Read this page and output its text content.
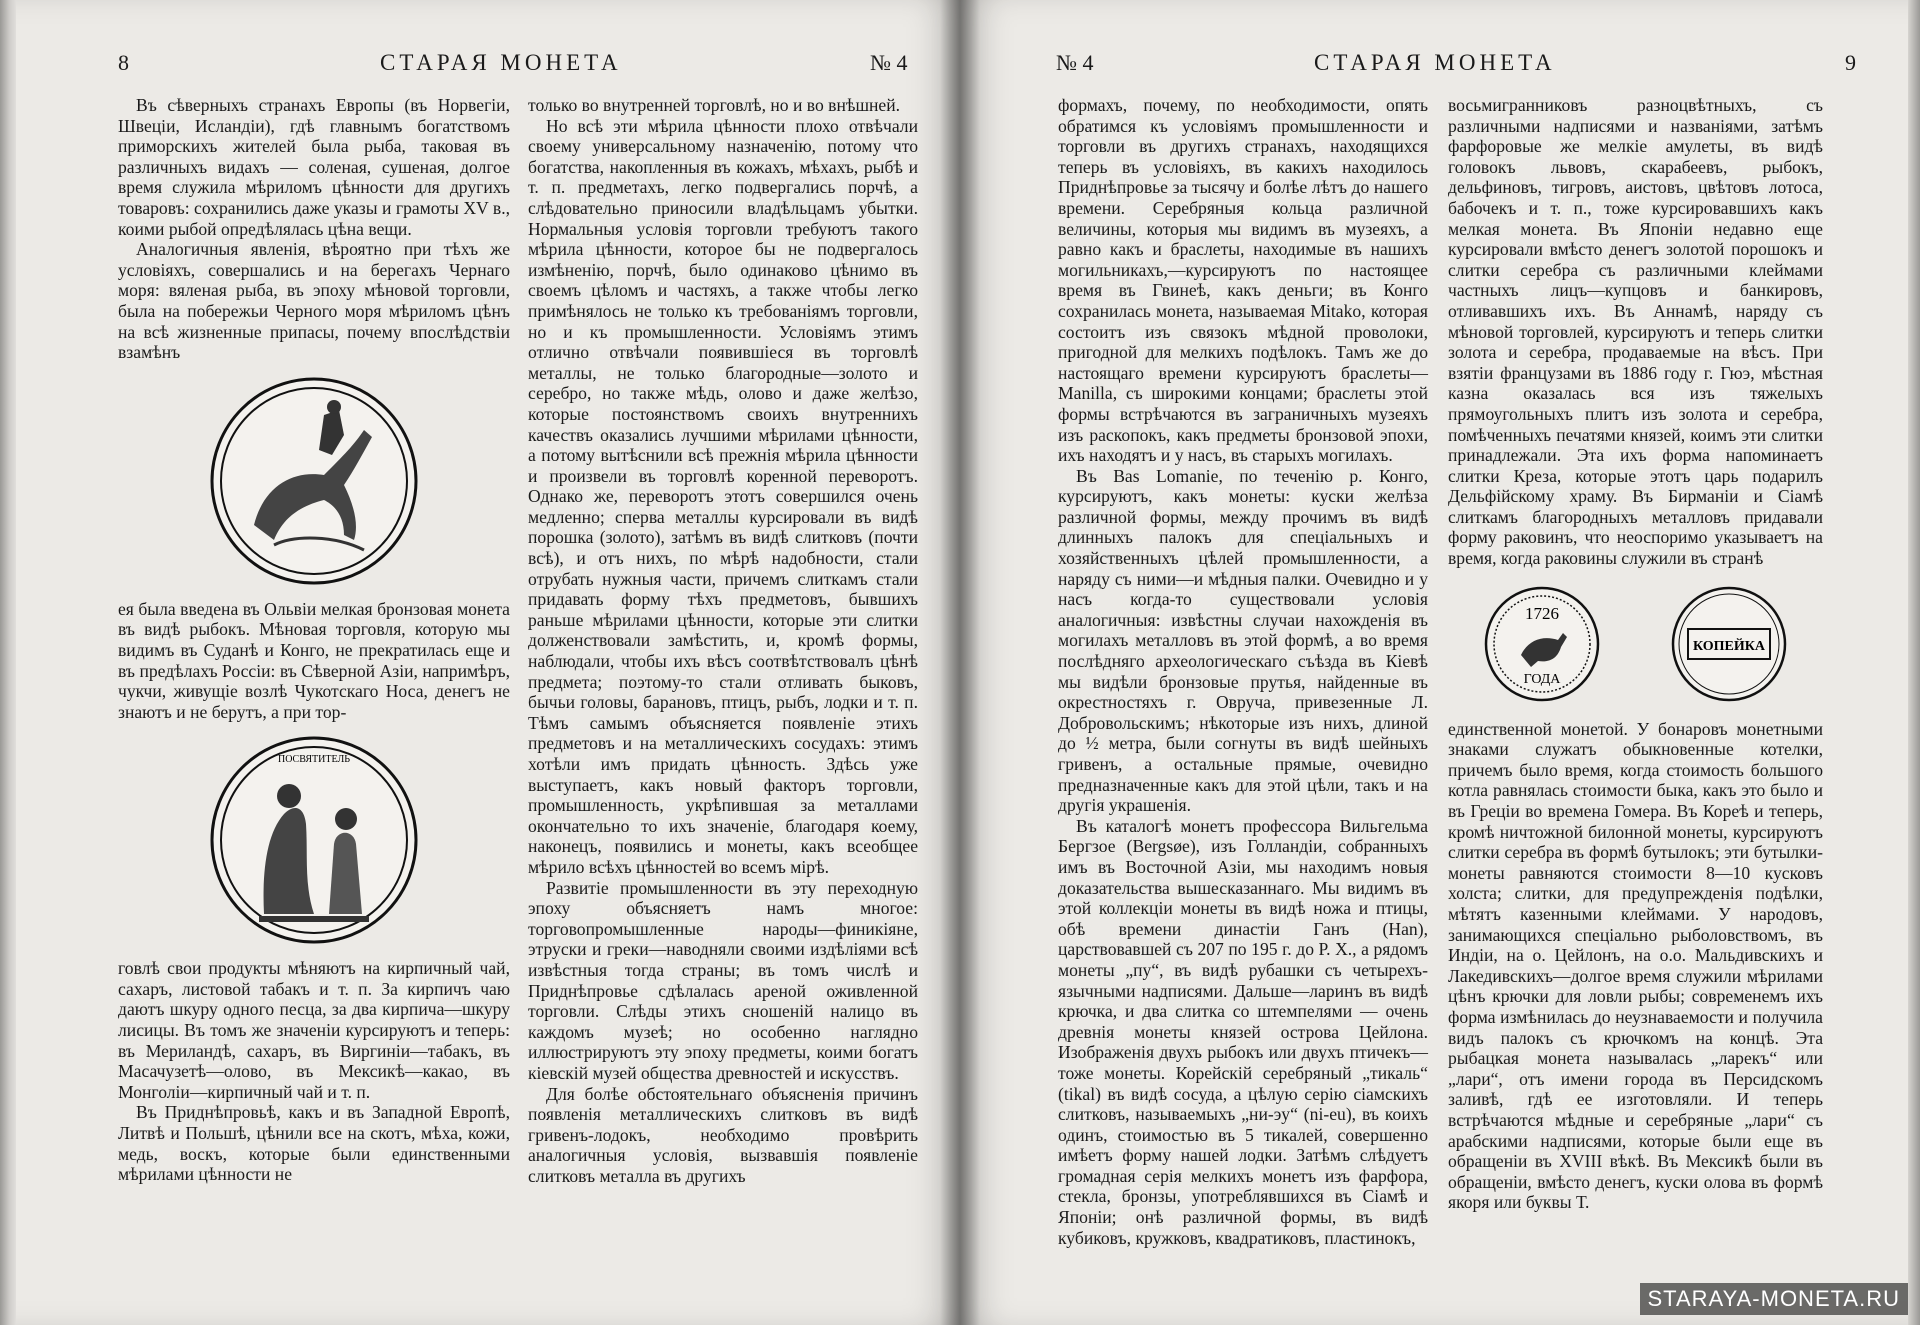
8	СТАРАЯ МОНЕТА	№ 4

Въ сѣверныхъ странахъ Европы (въ Норвегіи, Швеціи, Исландіи), гдѣ главнымъ богатствомъ приморскихъ жителей была рыба, таковая въ различныхъ видахъ — соленая, сушеная, долгое время служила мѣриломъ цѣнности для другихъ товаровъ: сохранились даже указы и грамоты XV в., коими рыбой опредѣлялась цѣна вещи.

Аналогичныя явленія, вѣроятно при тѣхъ же условіяхъ, совершались и на берегахъ Чернаго моря: вяленая рыба, въ эпоху мѣновой торговли, была на побережьи Черного моря мѣриломъ цѣнъ на всѣ жизненные припасы, почему впослѣдствіи взамѣнъ

ея была введена въ Ольвіи мелкая бронзовая монета въ видѣ рыбокъ. Мѣновая торговля, которую мы видимъ въ Суданѣ и Конго, не прекратилась еще и въ предѣлахъ Россіи: въ Сѣверной Азіи, напримѣръ, чукчи, живущіе возлѣ Чукотскаго Носа, денегъ не знаютъ и не берутъ, а при тор-

ПОСВЯТИТЕЛЬ

говлѣ свои продукты мѣняютъ на кирпичный чай, сахаръ, листовой табакъ и т. п. За кирпичъ чаю даютъ шкуру одного песца, за два кирпича—шкуру лисицы. Въ томъ же значеніи курсируютъ и теперь: въ Мериландѣ, сахаръ, въ Виргиніи—табакъ, въ Масачузетѣ—олово, въ Мексикѣ—какао, въ Монголіи—кирпичный чай и т. п.

Въ Приднѣпровьѣ, какъ и въ Западной Европѣ, Литвѣ и Польшѣ, цѣнили все на скотъ, мѣха, кожи, медь, воскъ, которые были единственными мѣрилами цѣнности не

только во внутренней торговлѣ, но и во внѣшней.

Но всѣ эти мѣрила цѣнности плохо отвѣчали своему универсальному назначенію, потому что богатства, накопленныя въ кожахъ, мѣхахъ, рыбѣ и т. п. предметахъ, легко подвергались порчѣ, а слѣдовательно приносили владѣльцамъ убытки. Нормальныя условія торговли требуютъ такого мѣрила цѣнности, которое бы не подвергалось измѣненію, порчѣ, было одинаково цѣнимо въ своемъ цѣломъ и частяхъ, а также чтобы легко примѣнялось не только къ требованіямъ торговли, но и къ промышленности. Условіямъ этимъ отлично отвѣчали появившіеся въ торговлѣ металлы, не только благородные—золото и серебро, но также мѣдь, олово и даже желѣзо, которые постоянствомъ своихъ внутреннихъ качествъ оказались лучшими мѣрилами цѣнности, а потому вытѣснили всѣ прежнія мѣрила цѣнности и произвели въ торговлѣ коренной переворотъ. Однако же, переворотъ этотъ совершился очень медленно; сперва металлы курсировали въ видѣ порошка (золото), затѣмъ въ видѣ слитковъ (почти всѣ), и отъ нихъ, по мѣрѣ надобности, стали отрубать нужныя части, причемъ слиткамъ стали придавать форму тѣхъ предметовъ, бывшихъ раньше мѣрилами цѣнности, которые эти слитки долженствовали замѣстить, и, кромѣ формы, наблюдали, чтобы ихъ вѣсъ соотвѣтствовалъ цѣнѣ предмета; поэтому-то стали отливать быковъ, бычьи головы, барановъ, птицъ, рыбъ, лодки и т. п. Тѣмъ самымъ объясняется появленіе этихъ предметовъ и на металлическихъ сосудахъ: этимъ хотѣли имъ придать цѣнность. Здѣсь уже выступаетъ, какъ новый факторъ торговли, промышленность, укрѣпившая за металлами окончательно то ихъ значеніе, благодаря коему, наконецъ, появились и монеты, какъ всеобщее мѣрило всѣхъ цѣнностей во всемъ мірѣ.

Развитіе промышленности въ эту переходную эпоху объясняетъ намъ многое: торговопромышленные народы—финикіяне, этруски и греки—наводняли своими издѣліями всѣ извѣстныя тогда страны; въ томъ числѣ и Приднѣпровье сдѣлалась ареной оживленной торговли. Слѣды этихъ сношеній налицо въ каждомъ музеѣ; но особенно наглядно иллюстрируютъ эту эпоху предметы, коими богатъ кіевскій музей общества древностей и искусствъ.

Для болѣе обстоятельнаго объясненія причинъ появленія металлическихъ слитковъ въ видѣ гривенъ-лодокъ, необходимо провѣрить аналогичныя условія, вызвавшія появленіе слитковъ металла въ другихъ

№ 4	СТАРАЯ МОНЕТА	9

формахъ, почему, по необходимости, опять обратимся къ условіямъ промышленности и торговли въ другихъ странахъ, находящихся теперь въ условіяхъ, въ какихъ находилось Приднѣпровье за тысячу и болѣе лѣтъ до нашего времени. Серебряныя кольца различной величины, которыя мы видимъ въ музеяхъ, а равно какъ и браслеты, находимые въ нашихъ могильникахъ,—курсируютъ по настоящее время въ Гвинеѣ, какъ деньги; въ Конго сохранилась монета, называемая Mitako, которая состоитъ изъ связокъ мѣдной проволоки, пригодной для мелкихъ подѣлокъ. Тамъ же до настоящаго времени курсируютъ браслеты—Manilla, съ широкими концами; браслеты этой формы встрѣчаются въ заграничныхъ музеяхъ изъ раскопокъ, какъ предметы бронзовой эпохи, ихъ находятъ и у насъ, въ старыхъ могилахъ.

Въ Bas Lomanie, по теченію р. Конго, курсируютъ, какъ монеты: куски желѣза различной формы, между прочимъ въ видѣ длинныхъ палокъ для спеціальныхъ и хозяйственныхъ цѣлей промышленности, а наряду съ ними—и мѣдныя палки. Очевидно и у насъ когда-то существовали условія аналогичныя: извѣстны случаи нахожденія въ могилахъ металловъ въ этой формѣ, а во время послѣдняго археологическаго съѣзда въ Кіевѣ мы видѣли бронзовые прутья, найденные въ окрестностяхъ г. Овруча, привезенные Л. Добровольскимъ; нѣкоторые изъ нихъ, длиной до ½ метра, были согнуты въ видѣ шейныхъ гривенъ, а остальные прямые, очевидно предназначенные какъ для этой цѣли, такъ и на другія украшенія.

Въ каталогѣ монетъ профессора Вильгельма Бергзое (Bergsøe), изъ Голландіи, собранныхъ имъ въ Восточной Азіи, мы находимъ новыя доказательства вышесказаннаго. Мы видимъ въ этой коллекціи монеты въ видѣ ножа и птицы, обѣ времени династіи Ганъ (Han), царствовавшей съ 207 по 195 г. до Р. Х., а рядомъ монеты „пу“, въ видѣ рубашки съ четырехъ-язычными надписями. Дальше—ларинъ въ видѣ крючка, и два слитка со штемпелями — очень древнія монеты князей острова Цейлона. Изображенія двухъ рыбокъ или двухъ птичекъ—тоже монеты. Корейскій серебряный „тикаль“ (tikal) въ видѣ сосуда, а цѣлую серію сіамскихъ слитковъ, называемыхъ „ни-эу“ (ni-eu), въ коихъ одинъ, стоимостью въ 5 тикалей, совершенно имѣетъ форму нашей лодки. Затѣмъ слѣдуетъ громадная серія мелкихъ монетъ изъ фарфора, стекла, бронзы, употреблявшихся въ Сіамѣ и Японіи; онѣ различной формы, въ видѣ кубиковъ, кружковъ, квадратиковъ, пластинокъ,

восьмигранниковъ разноцвѣтныхъ, съ различными надписями и названіями, затѣмъ фарфоровые же мелкіе амулеты, въ видѣ головокъ львовъ, скарабеевъ, рыбокъ, дельфиновъ, тигровъ, аистовъ, цвѣтовъ лотоса, бабочекъ и т. п., тоже курсировавшихъ какъ мелкая монета. Въ Японіи недавно еще курсировали вмѣсто денегъ золотой порошокъ и слитки серебра съ различными клеймами частныхъ лицъ—купцовъ и банкировъ, отливавшихъ ихъ. Въ Аннамѣ, наряду съ мѣновой торговлей, курсируютъ и теперь слитки золота и серебра, продаваемые на вѣсъ. При взятіи французами въ 1886 году г. Гюэ, мѣстная казна оказалась вся изъ тяжелыхъ прямоугольныхъ плитъ изъ золота и серебра, помѣченныхъ печатями князей, коимъ эти слитки принадлежали. Эта ихъ форма напоминаетъ слитки Креза, которые этотъ царь подарилъ Дельфійскому храму. Въ Бирманіи и Сіамѣ слиткамъ благородныхъ металловъ придавали форму раковинъ, что неоспоримо указываетъ на время, когда раковины служили въ странѣ

1726
ГОДА
КОПЕЙКА

единственной монетой. У бонаровъ монетными знаками служатъ обыкновенные котелки, причемъ было время, когда стоимость большого котла равнялась стоимости быка, какъ это было и въ Греціи во времена Гомера. Въ Кореѣ и теперь, кромѣ ничтожной билонной монеты, курсируютъ слитки серебра въ формѣ бутылокъ; эти бутылки-монеты равняются стоимости 8—10 кусковъ холста; слитки, для предупрежденія подѣлки, мѣтятъ казенными клеймами. У народовъ, занимающихся спеціально рыболовствомъ, въ Индіи, на о. Цейлонъ, на о.о. Мальдивскихъ и Лакедивскихъ—долгое время служили мѣрилами цѣнъ крючки для ловли рыбы; современемъ ихъ форма измѣнилась до неузнаваемости и получила видъ палокъ съ крючкомъ на концѣ. Эта рыбацкая монета называлась „ларекъ“ или „лари“, отъ имени города въ Персидскомъ заливѣ, гдѣ ее изготовляли. И теперь встрѣчаются мѣдные и серебряные „лари“ съ арабскими надписями, которые были еще въ обращеніи въ XVIII вѣкѣ. Въ Мексикѣ были въ обращеніи, вмѣсто денегъ, куски олова въ формѣ якоря или буквы Т.

STARAYA-MONETA.RU
